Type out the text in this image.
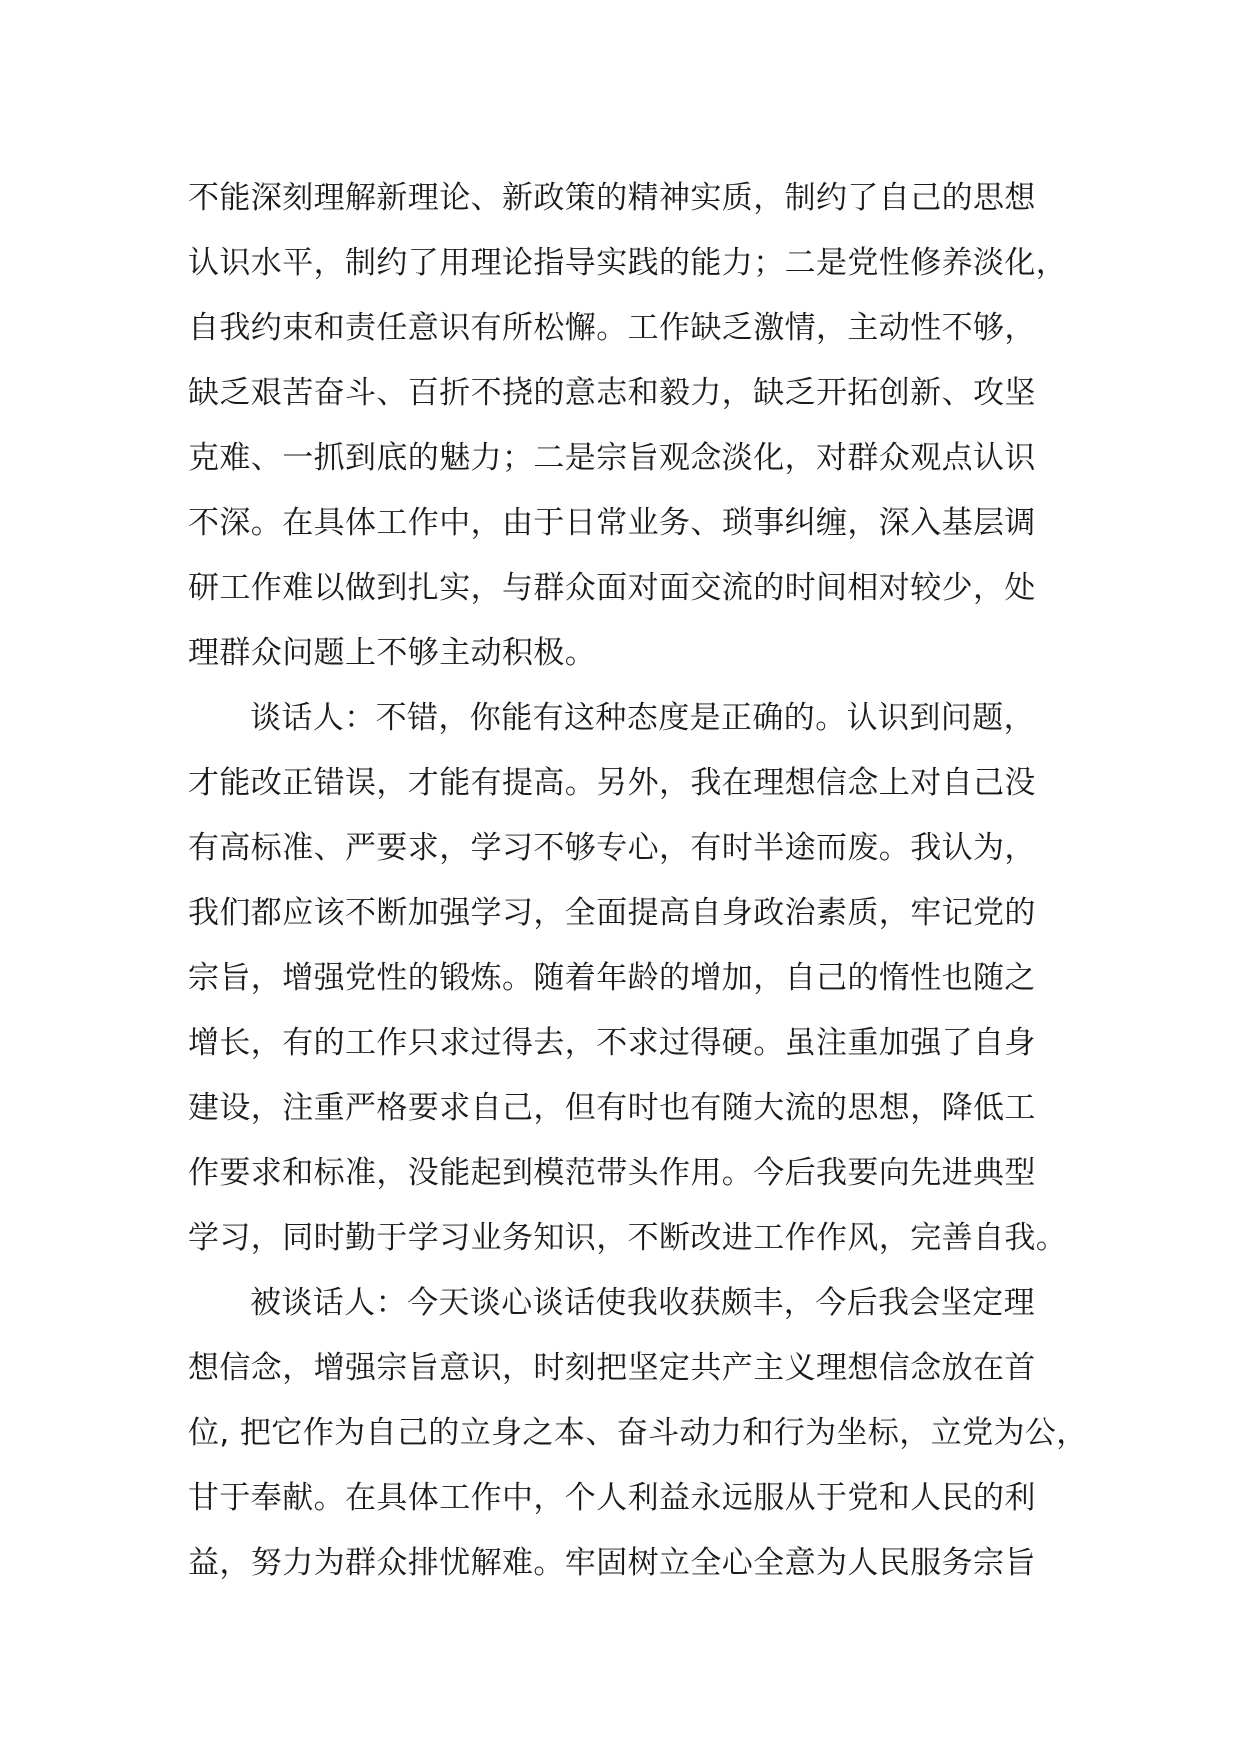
不能深刻理解新理论、新政策的精神实质，制约了自己的思想
认识水平，制约了用理论指导实践的能力；二是党性修养淡化，
自我约束和责任意识有所松懈。工作缺乏激情，主动性不够，
缺乏艰苦奋斗、百折不挠的意志和毅力，缺乏开拓创新、攻坚
克难、一抓到底的魅力；二是宗旨观念淡化，对群众观点认识
不深。在具体工作中，由于日常业务、琐事纠缠，深入基层调
研工作难以做到扎实，与群众面对面交流的时间相对较少，处
理群众问题上不够主动积极。
谈话人：不错，你能有这种态度是正确的。认识到问题，
才能改正错误，才能有提高。另外，我在理想信念上对自己没
有高标准、严要求，学习不够专心，有时半途而废。我认为，
我们都应该不断加强学习，全面提高自身政治素质，牢记党的
宗旨，增强党性的锻炼。随着年龄的增加，自己的惰性也随之
增长，有的工作只求过得去，不求过得硬。虽注重加强了自身
建设，注重严格要求自己，但有时也有随大流的思想，降低工
作要求和标准，没能起到模范带头作用。今后我要向先进典型
学习，同时勤于学习业务知识，不断改进工作作风，完善自我。
被谈话人：今天谈心谈话使我收获颇丰，今后我会坚定理
想信念，增强宗旨意识，时刻把坚定共产主义理想信念放在首
位, 把它作为自己的立身之本、奋斗动力和行为坐标，立党为公，
甘于奉献。在具体工作中，个人利益永远服从于党和人民的利
益，努力为群众排忧解难。牢固树立全心全意为人民服务宗旨
